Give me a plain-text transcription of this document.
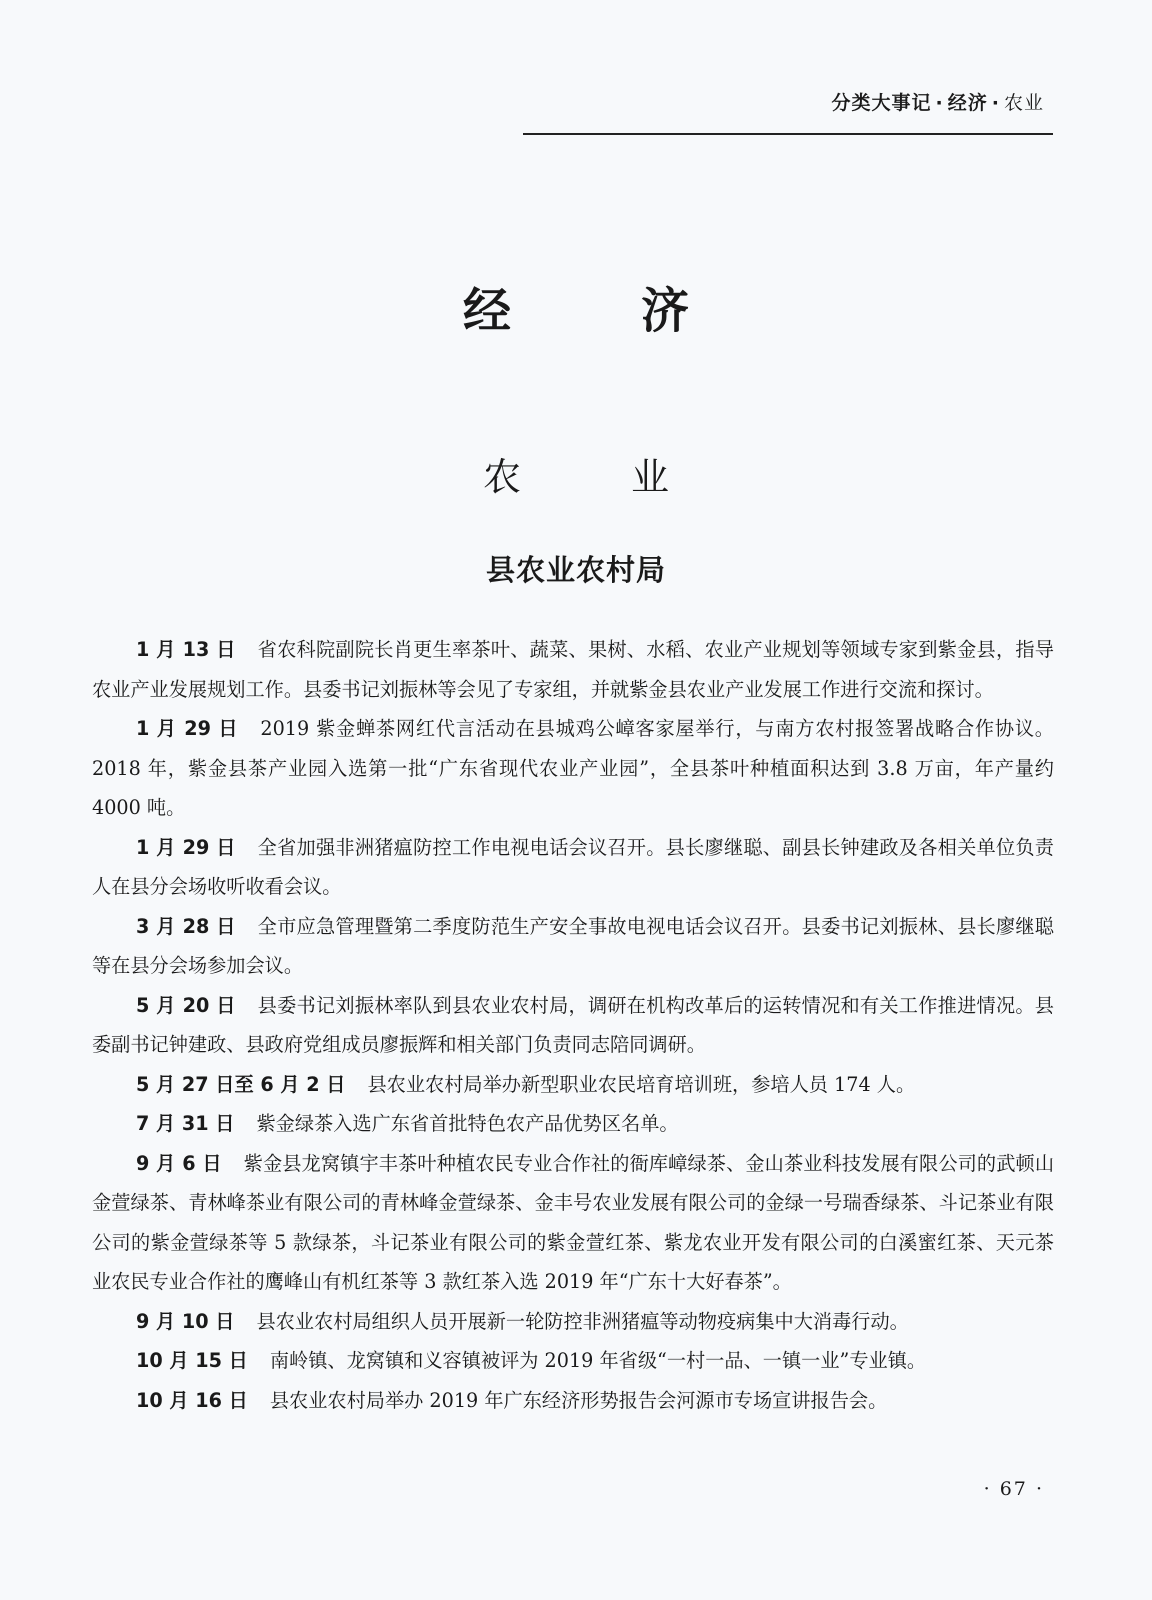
分类大事记 · 经济 · 农业
经济
农业
县农业农村局

1 月 13 日 省农科院副院长肖更生率茶叶、蔬菜、果树、水稻、农业产业规划等领域专家到紫金县，指导农业产业发展规划工作。县委书记刘振林等会见了专家组，并就紫金县农业产业发展工作进行交流和探讨。

1 月 29 日 2019 紫金蝉茶网红代言活动在县城鸡公嶂客家屋举行，与南方农村报签署战略合作协议。2018 年，紫金县茶产业园入选第一批“广东省现代农业产业园”，全县茶叶种植面积达到 3.8 万亩，年产量约 4000 吨。

1 月 29 日 全省加强非洲猪瘟防控工作电视电话会议召开。县长廖继聪、副县长钟建政及各相关单位负责人在县分会场收听收看会议。

3 月 28 日 全市应急管理暨第二季度防范生产安全事故电视电话会议召开。县委书记刘振林、县长廖继聪等在县分会场参加会议。

5 月 20 日 县委书记刘振林率队到县农业农村局，调研在机构改革后的运转情况和有关工作推进情况。县委副书记钟建政、县政府党组成员廖振辉和相关部门负责同志陪同调研。

5 月 27 日至 6 月 2 日 县农业农村局举办新型职业农民培育培训班，参培人员 174 人。

7 月 31 日 紫金绿茶入选广东省首批特色农产品优势区名单。

9 月 6 日 紫金县龙窝镇宇丰茶叶种植农民专业合作社的衙库嶂绿茶、金山茶业科技发展有限公司的武顿山金萱绿茶、青林峰茶业有限公司的青林峰金萱绿茶、金丰号农业发展有限公司的金绿一号瑞香绿茶、斗记茶业有限公司的紫金萱绿茶等 5 款绿茶，斗记茶业有限公司的紫金萱红茶、紫龙农业开发有限公司的白溪蜜红茶、天元茶业农民专业合作社的鹰峰山有机红茶等 3 款红茶入选 2019 年“广东十大好春茶”。

9 月 10 日 县农业农村局组织人员开展新一轮防控非洲猪瘟等动物疫病集中大消毒行动。

10 月 15 日 南岭镇、龙窝镇和义容镇被评为 2019 年省级“一村一品、一镇一业”专业镇。

10 月 16 日 县农业农村局举办 2019 年广东经济形势报告会河源市专场宣讲报告会。

· 67 ·
